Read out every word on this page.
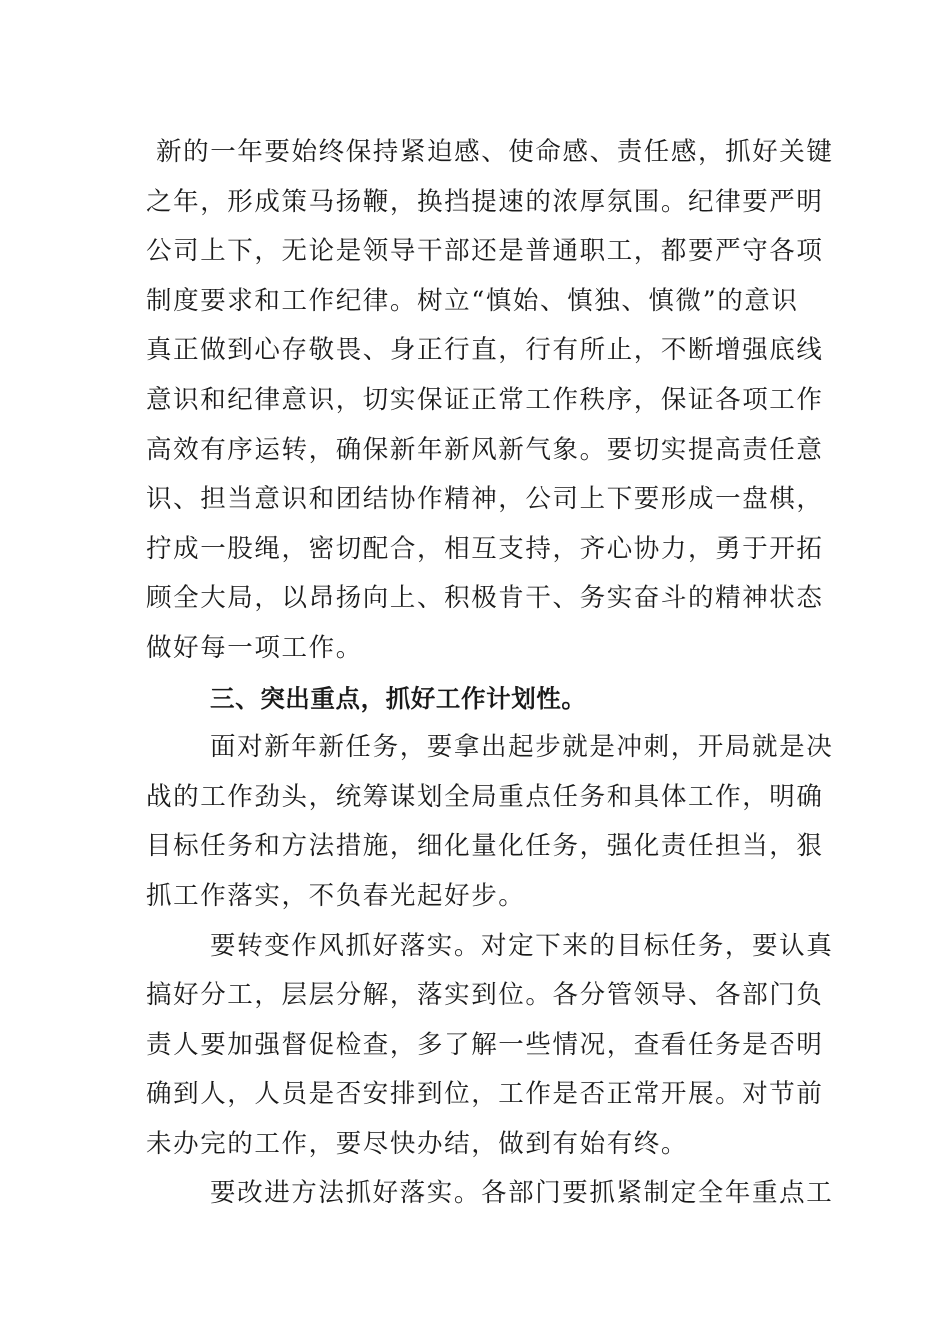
新的一年要始终保持紧迫感、使命感、责任感，抓好关键
之年，形成策马扬鞭，换挡提速的浓厚氛围。纪律要严明
公司上下，无论是领导干部还是普通职工，都要严守各项
制度要求和工作纪律。树立“慎始、慎独、慎微”的意识
真正做到心存敬畏、身正行直，行有所止，不断增强底线
意识和纪律意识，切实保证正常工作秩序，保证各项工作
高效有序运转，确保新年新风新气象。要切实提高责任意
识、担当意识和团结协作精神，公司上下要形成一盘棋，
拧成一股绳，密切配合，相互支持，齐心协力，勇于开拓
顾全大局，以昂扬向上、积极肯干、务实奋斗的精神状态
做好每一项工作。
三、突出重点，抓好工作计划性。
面对新年新任务，要拿出起步就是冲刺，开局就是决
战的工作劲头，统筹谋划全局重点任务和具体工作，明确
目标任务和方法措施，细化量化任务，强化责任担当，狠
抓工作落实，不负春光起好步。
要转变作风抓好落实。对定下来的目标任务，要认真
搞好分工，层层分解，落实到位。各分管领导、各部门负
责人要加强督促检查，多了解一些情况，查看任务是否明
确到人，人员是否安排到位，工作是否正常开展。对节前
未办完的工作，要尽快办结，做到有始有终。
要改进方法抓好落实。各部门要抓紧制定全年重点工
